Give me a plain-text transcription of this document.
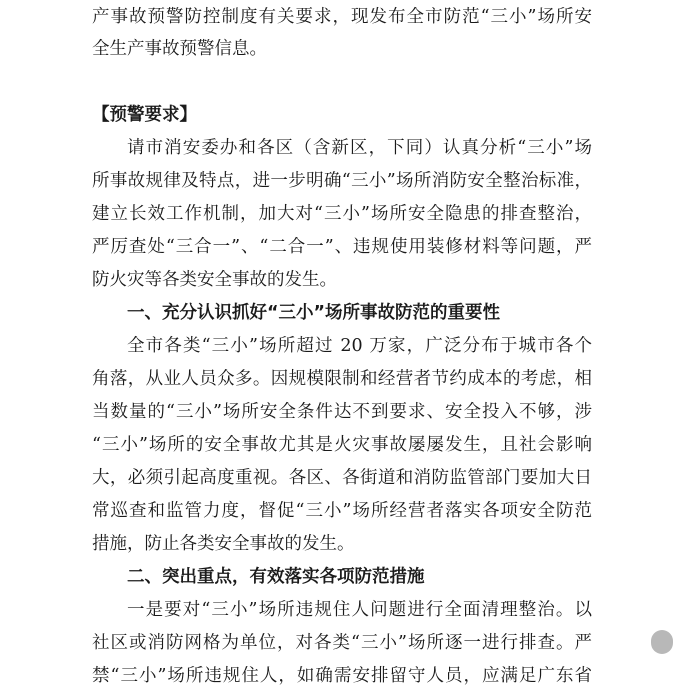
产事故预警防控制度有关要求，现发布全市防范“三小”场所安
全生产事故预警信息。
【预警要求】
请市消安委办和各区（含新区，下同）认真分析“三小”场
所事故规律及特点，进一步明确“三小”场所消防安全整治标准，
建立长效工作机制，加大对“三小”场所安全隐患的排查整治，
严厉查处“三合一”、“二合一”、违规使用装修材料等问题，严
防火灾等各类安全事故的发生。
一、充分认识抓好“三小”场所事故防范的重要性
全市各类“三小”场所超过 20 万家，广泛分布于城市各个
角落，从业人员众多。因规模限制和经营者节约成本的考虑，相
当数量的“三小”场所安全条件达不到要求、安全投入不够，涉
“三小”场所的安全事故尤其是火灾事故屡屡发生，且社会影响
大，必须引起高度重视。各区、各街道和消防监管部门要加大日
常巡查和监管力度，督促“三小”场所经营者落实各项安全防范
措施，防止各类安全事故的发生。
二、突出重点，有效落实各项防范措施
一是要对“三小”场所违规住人问题进行全面清理整治。以
社区或消防网格为单位，对各类“三小”场所逐一进行排查。严
禁“三小”场所违规住人，如确需安排留守人员，应满足广东省
